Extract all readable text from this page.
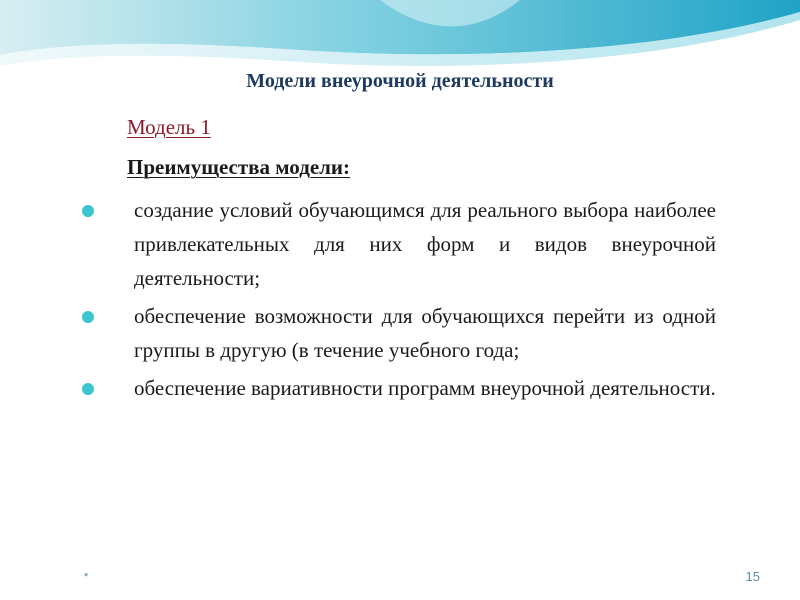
Модели внеурочной деятельности
Модель 1
Преимущества модели:
создание условий обучающимся для реального выбора наиболее привлекательных для них форм и видов внеурочной деятельности;
обеспечение возможности для обучающихся перейти из одной группы в другую (в течение учебного года;
обеспечение вариативности программ внеурочной деятельности.
*	15
